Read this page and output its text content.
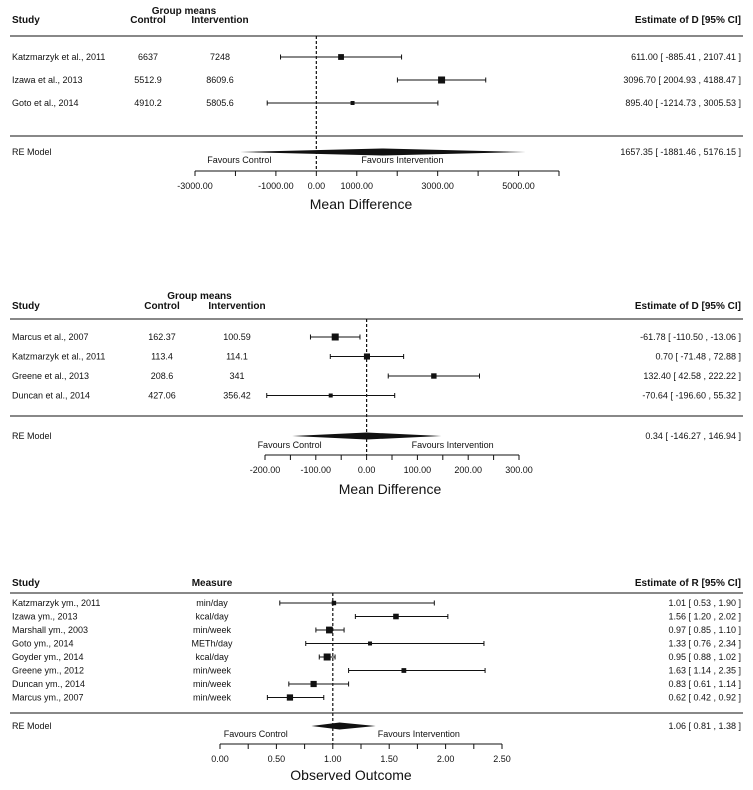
Study
Group means
Control	Intervention	Estimate of D [95% CI]
Katzmarzyk et al., 2011	6637	7248	611.00 [ -885.41 , 2107.41 ]
Izawa et al., 2013	5512.9	8609.6	3096.70 [ 2004.93 , 4188.47 ]
Goto et al., 2014	4910.2	5805.6	895.40 [ -1214.73 , 3005.53 ]
RE Model	1657.35 [ -1881.46 , 5176.15 ]
Favours Control	Favours Intervention
-3000.00	-1000.00 0.00 1000.00	3000.00	5000.00
Mean Difference
Study
Group means
Control	Intervention	Estimate of D [95% CI]
Marcus et al., 2007	162.37	100.59	-61.78 [ -110.50 , -13.06 ]
Katzmarzyk et al., 2011	113.4	114.1	0.70 [ -71.48 , 72.88 ]
Greene et al., 2013	208.6	341	132.40 [ 42.58 , 222.22 ]
Duncan et al., 2014	427.06	356.42	-70.64 [ -196.60 , 55.32 ]
RE Model	0.34 [ -146.27 , 146.94 ]
Favours Control	Favours Intervention
-200.00 -100.00	0.00	100.00	200.00	300.00
Mean Difference
Study	Measure	Estimate of R [95% CI]
Katzmarzyk ym., 2011	min/day	1.01 [ 0.53 , 1.90 ]
Izawa ym., 2013	kcal/day	1.56 [ 1.20 , 2.02 ]
Marshall ym., 2003	min/week	0.97 [ 0.85 , 1.10 ]
Goto ym., 2014	METh/day	1.33 [ 0.76 , 2.34 ]
Goyder ym., 2014	kcal/day	0.95 [ 0.88 , 1.02 ]
Greene ym., 2012	min/week	1.63 [ 1.14 , 2.35 ]
Duncan ym., 2014	min/week	0.83 [ 0.61 , 1.14 ]
Marcus ym., 2007	min/week	0.62 [ 0.42 , 0.92 ]
RE Model	1.06 [ 0.81 , 1.38 ]
Favours Control	Favours Intervention
0.00	0.50	1.00	1.50	2.00	2.50
Observed Outcome
